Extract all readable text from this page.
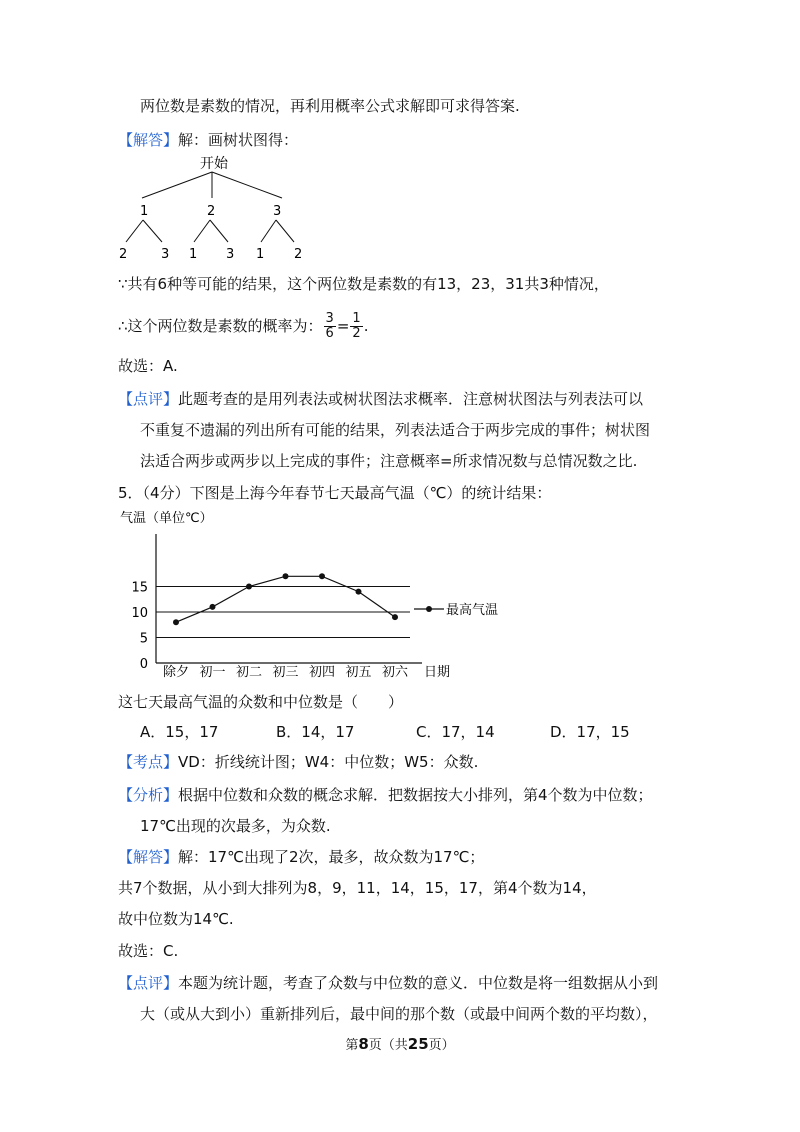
两位数是素数的情况，再利用概率公式求解即可求得答案.
【解答】解：画树状图得：
开始
1	2	3
2	3 1 3 1 2
∵共有6种等可能的结果，这个两位数是素数的有13，23，31共3种情况，
∴这个两位数是素数的概率为： $\frac{3}{6} = \frac{1}{2}$ .
故选：A.
【点评】此题考查的是用列表法或树状图法求概率．注意树状图法与列表法可以
不重复不遗漏的列出所有可能的结果，列表法适合于两步完成的事件；树状图
法适合两步或两步以上完成的事件；注意概率=所求情况数与总情况数之比.
5．（4分）下图是上海今年春节七天最高气温（℃）的统计结果：
气温（单位℃）
0
5
10
15
除夕 初一 初二 初三 初四 初五 初六
最高气温
日期
这七天最高气温的众数和中位数是（　　）
A．15，17	B．14，17	C．17，14	D．17，15
【考点】VD：折线统计图；W4：中位数；W5：众数.
【分析】根据中位数和众数的概念求解．把数据按大小排列，第4个数为中位数；
17℃出现的次最多，为众数.
【解答】解：17℃出现了2次，最多，故众数为17℃；
共7个数据，从小到大排列为8，9，11，14，15，17，第4个数为14，
故中位数为14℃.
故选：C.
【点评】本题为统计题，考查了众数与中位数的意义．中位数是将一组数据从小到
大（或从大到小）重新排列后，最中间的那个数（或最中间两个数的平均数），
第8页（共25页）
